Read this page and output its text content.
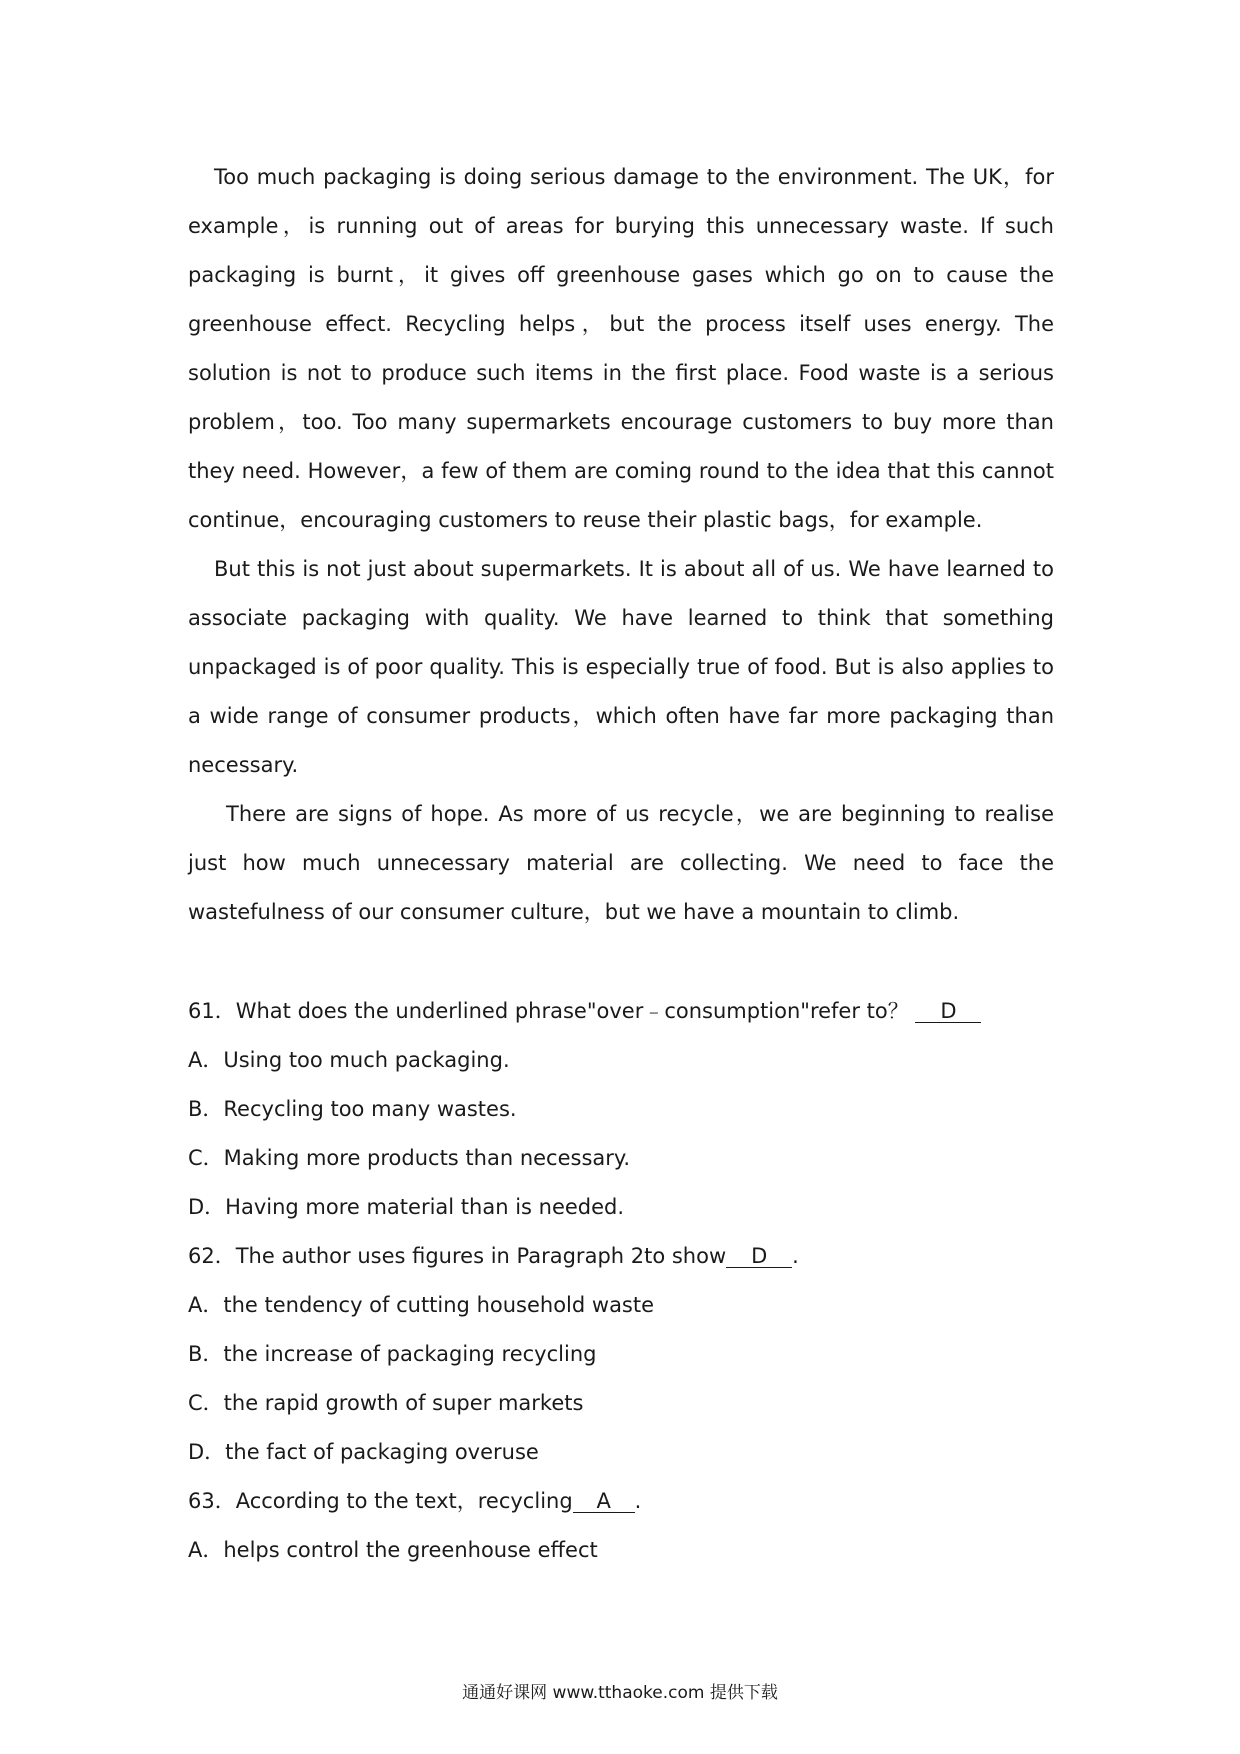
Too much packaging is doing serious damage to the environment. The UK，for example，is running out of areas for burying this unnecessary waste. If such packaging is burnt，it gives off greenhouse gases which go on to cause the greenhouse effect. Recycling helps，but the process itself uses energy. The solution is not to produce such items in the first place. Food waste is a serious problem，too. Too many supermarkets encourage customers to buy more than they need. However，a few of them are coming round to the idea that this cannot continue，encouraging customers to reuse their plastic bags，for example.

But this is not just about supermarkets. It is about all of us. We have learned to associate packaging with quality. We have learned to think that something unpackaged is of poor quality. This is especially true of food. But is also applies to a wide range of consumer products，which often have far more packaging than necessary.

There are signs of hope. As more of us recycle，we are beginning to realise just how much unnecessary material are collecting. We need to face the wastefulness of our consumer culture，but we have a mountain to climb.

61．What does the underlined phrase"over﹣consumption"refer to？ D

A．Using too much packaging.

B．Recycling too many wastes.

C．Making more products than necessary.

D．Having more material than is needed.

62．The author uses figures in Paragraph 2to show D .

A．the tendency of cutting household waste

B．the increase of packaging recycling

C．the rapid growth of super markets

D．the fact of packaging overuse

63．According to the text，recycling A .

A．helps control the greenhouse effect

通通好课网 www.tthaoke.com 提供下载
